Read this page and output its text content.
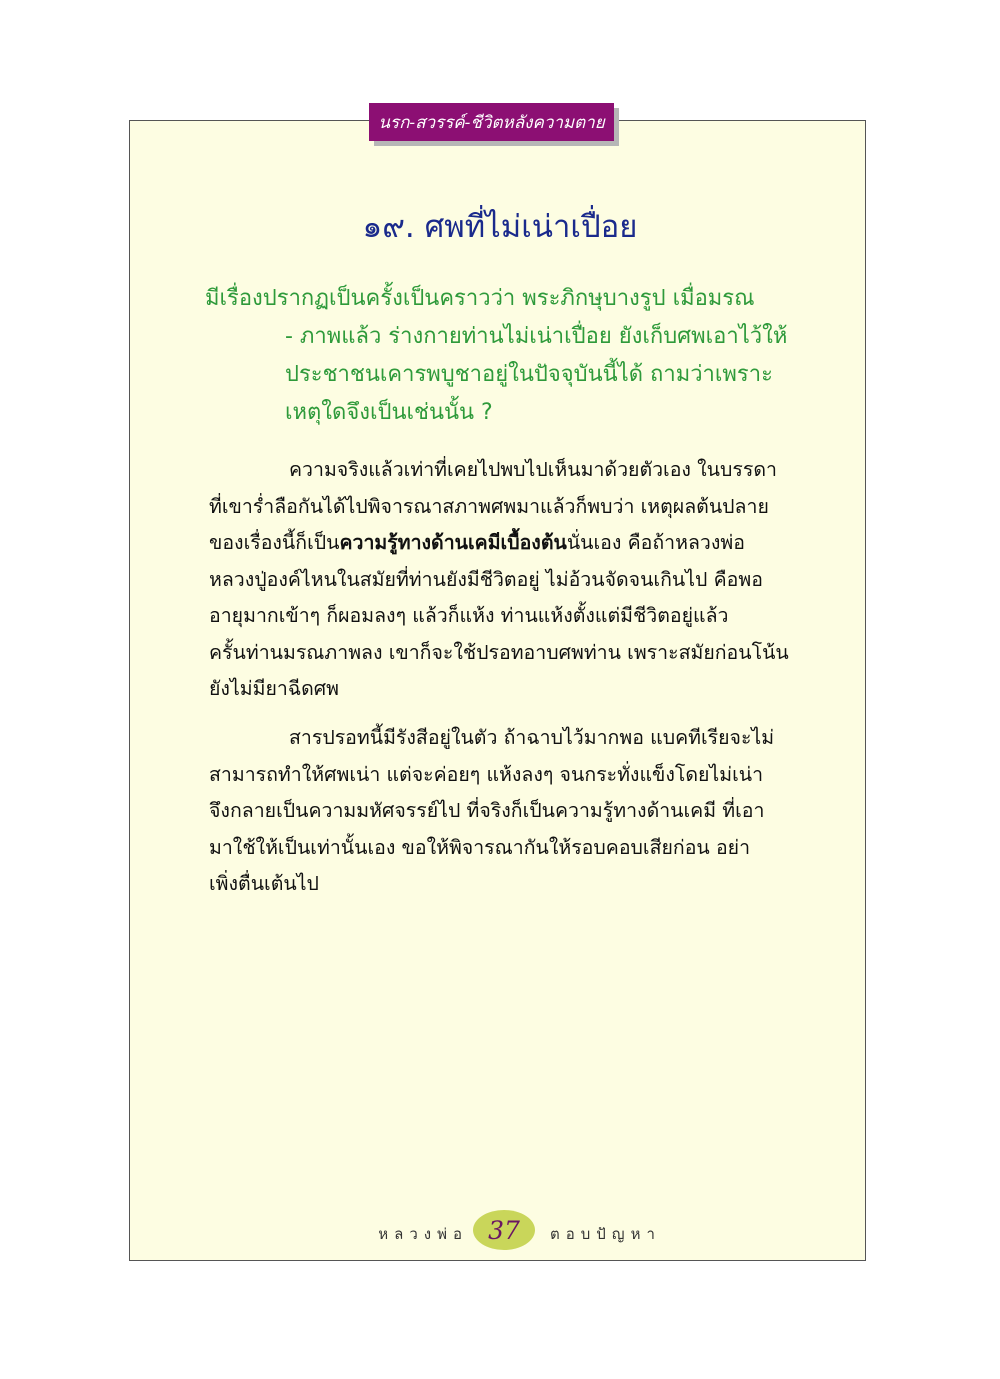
นรก-สวรรค์-ชีวิตหลังความตาย
๑๙. ศพที่ไม่เน่าเปื่อย
มีเรื่องปรากฏเป็นครั้งเป็นคราวว่า พระภิกษุบางรูป เมื่อมรณ
- ภาพแล้ว ร่างกายท่านไม่เน่าเปื่อย ยังเก็บศพเอาไว้ให้
ประชาชนเคารพบูชาอยู่ในปัจจุบันนี้ได้ ถามว่าเพราะ
เหตุใดจึงเป็นเช่นนั้น ?
ความจริงแล้วเท่าที่เคยไปพบไปเห็นมาด้วยตัวเอง ในบรรดา
ที่เขาร่ำลือกันได้ไปพิจารณาสภาพศพมาแล้วก็พบว่า เหตุผลต้นปลาย
ของเรื่องนี้ก็เป็นความรู้ทางด้านเคมีเบื้องต้นนั่นเอง คือถ้าหลวงพ่อ
หลวงปู่องค์ไหนในสมัยที่ท่านยังมีชีวิตอยู่ ไม่อ้วนจัดจนเกินไป คือพอ
อายุมากเข้าๆ ก็ผอมลงๆ แล้วก็แห้ง ท่านแห้งตั้งแต่มีชีวิตอยู่แล้ว
ครั้นท่านมรณภาพลง เขาก็จะใช้ปรอทอาบศพท่าน เพราะสมัยก่อนโน้น
ยังไม่มียาฉีดศพ
สารปรอทนี้มีรังสีอยู่ในตัว ถ้าฉาบไว้มากพอ แบคทีเรียจะไม่
สามารถทำให้ศพเน่า แต่จะค่อยๆ แห้งลงๆ จนกระทั่งแข็งโดยไม่เน่า
จึงกลายเป็นความมหัศจรรย์ไป ที่จริงก็เป็นความรู้ทางด้านเคมี ที่เอา
มาใช้ให้เป็นเท่านั้นเอง ขอให้พิจารณากันให้รอบคอบเสียก่อน อย่า
เพิ่งตื่นเต้นไป
หลวงพ่อ 37 ตอบปัญหา
